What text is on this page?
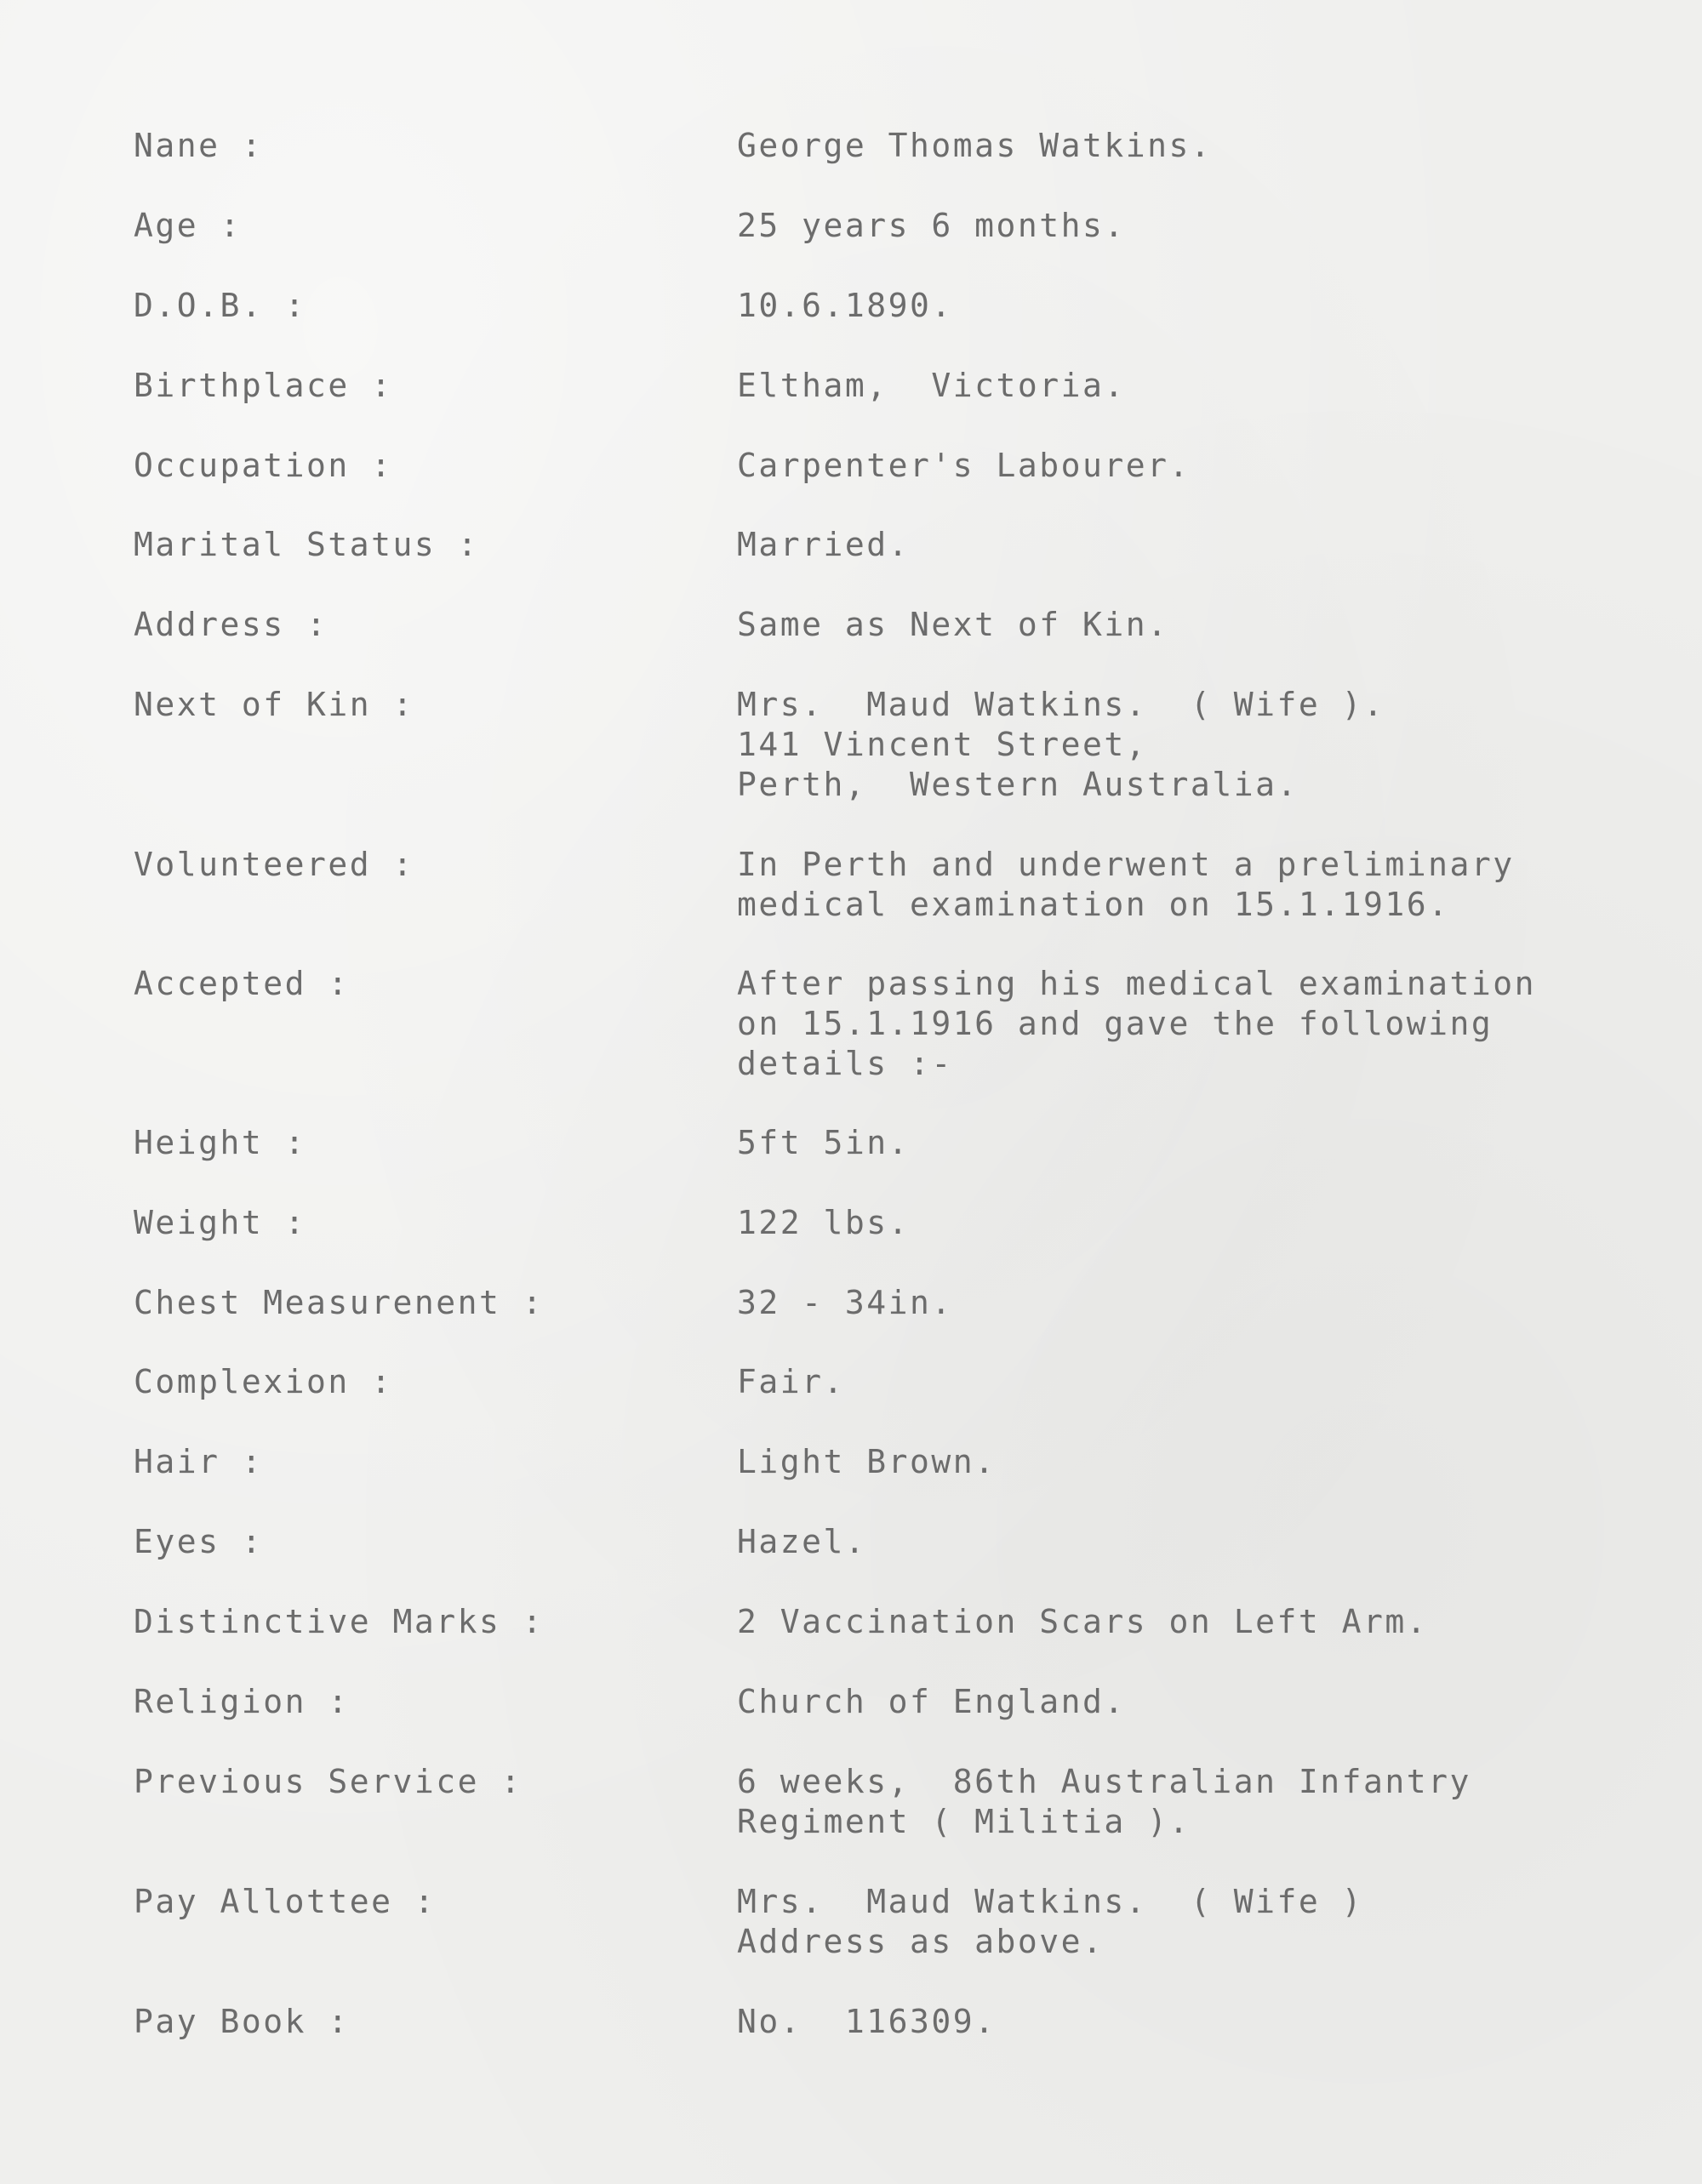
Nane :	George Thomas Watkins.
Age :	25 years 6 months.
D.O.B. :	10.6.1890.
Birthplace :	Eltham,  Victoria.
Occupation :	Carpenter's Labourer.
Marital Status :	Married.
Address :	Same as Next of Kin.
Next of Kin :	Mrs.  Maud Watkins.  ( Wife ).
141 Vincent Street,
Perth,  Western Australia.
Volunteered :	In Perth and underwent a preliminary
medical examination on 15.1.1916.
Accepted :	After passing his medical examination
on 15.1.1916 and gave the following
details :-
Height :	5ft 5in.
Weight :	122 lbs.
Chest Measurenent :	32 - 34in.
Complexion :	Fair.
Hair :	Light Brown.
Eyes :	Hazel.
Distinctive Marks :	2 Vaccination Scars on Left Arm.
Religion :	Church of England.
Previous Service :	6 weeks,  86th Australian Infantry
Regiment ( Militia ).
Pay Allottee :	Mrs.  Maud Watkins.  ( Wife )
Address as above.
Pay Book :	No.  116309.
